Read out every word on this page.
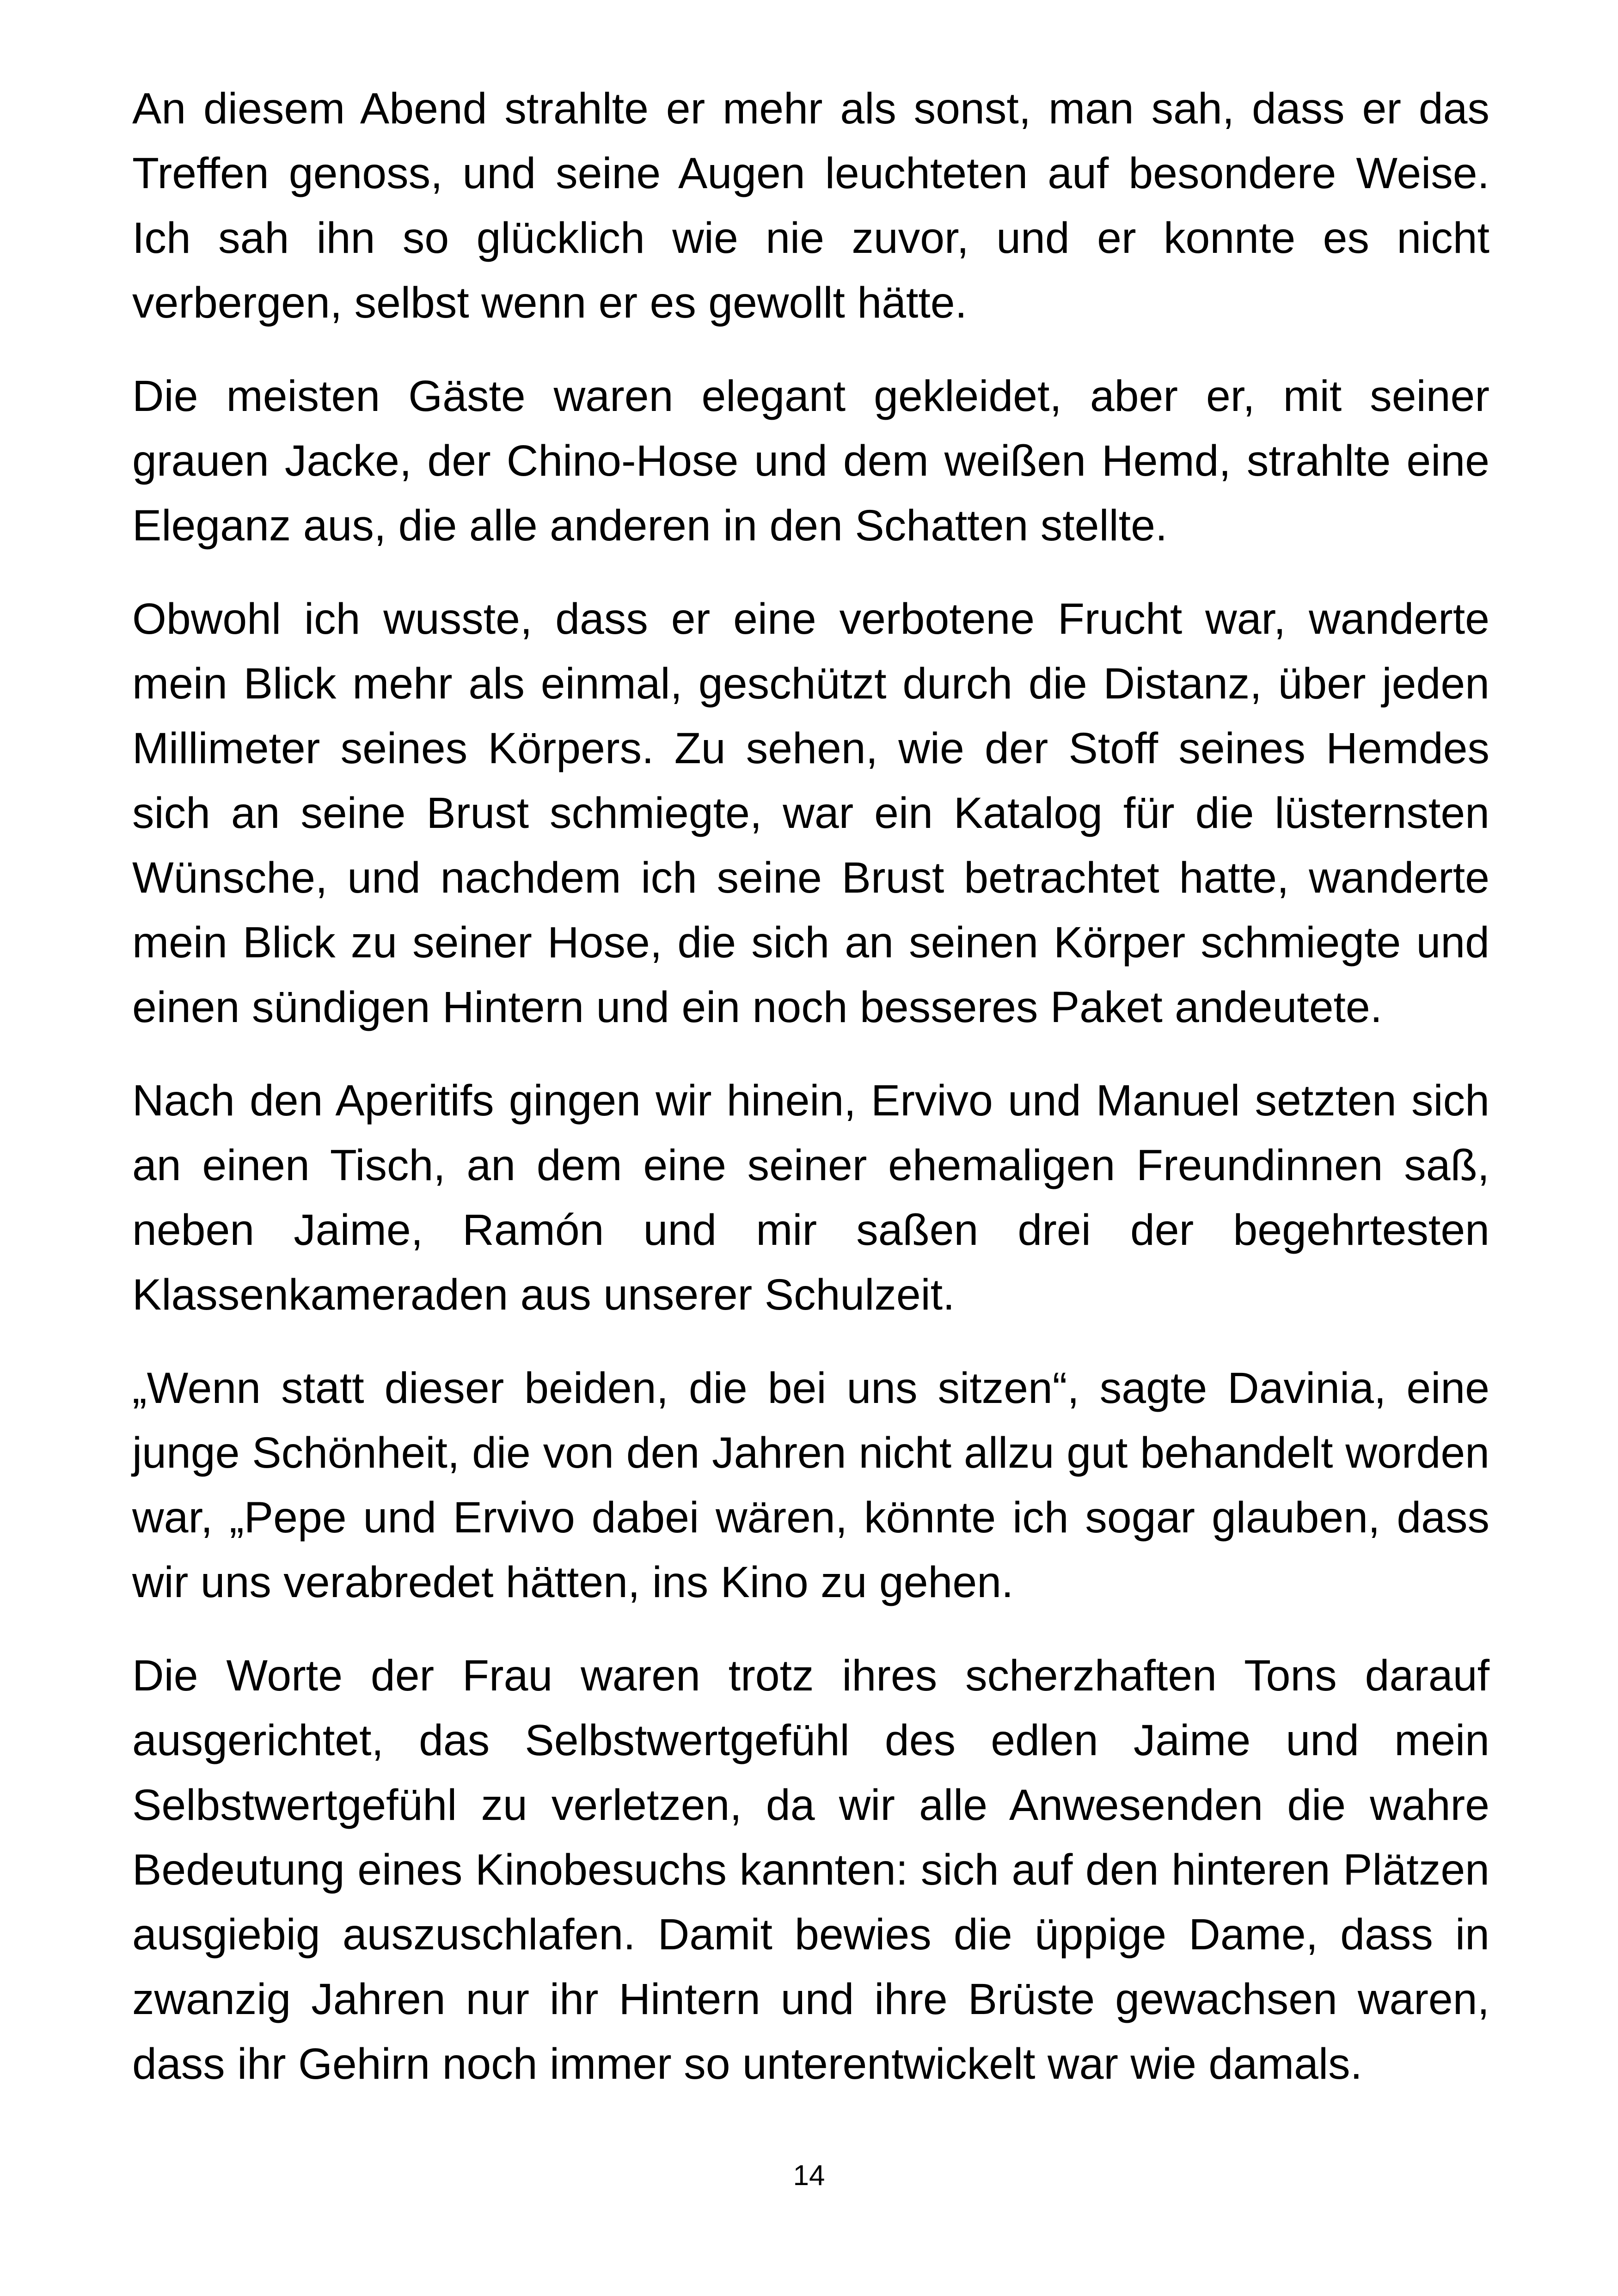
An diesem Abend strahlte er mehr als sonst, man sah, dass er das Treffen genoss, und seine Augen leuchteten auf besondere Weise. Ich sah ihn so glücklich wie nie zuvor, und er konnte es nicht verbergen, selbst wenn er es gewollt hätte.

Die meisten Gäste waren elegant gekleidet, aber er, mit seiner grauen Jacke, der Chino-Hose und dem weißen Hemd, strahlte eine Eleganz aus, die alle anderen in den Schatten stellte.

Obwohl ich wusste, dass er eine verbotene Frucht war, wanderte mein Blick mehr als einmal, geschützt durch die Distanz, über jeden Millimeter seines Körpers. Zu sehen, wie der Stoff seines Hemdes sich an seine Brust schmiegte, war ein Katalog für die lüsternsten Wünsche, und nachdem ich seine Brust betrachtet hatte, wanderte mein Blick zu seiner Hose, die sich an seinen Körper schmiegte und einen sündigen Hintern und ein noch besseres Paket andeutete.

Nach den Aperitifs gingen wir hinein, Ervivo und Manuel setzten sich an einen Tisch, an dem eine seiner ehemaligen Freundinnen saß, neben Jaime, Ramón und mir saßen drei der begehrtesten Klassenkameraden aus unserer Schulzeit.

„Wenn statt dieser beiden, die bei uns sitzen“, sagte Davinia, eine junge Schönheit, die von den Jahren nicht allzu gut behandelt worden war, „Pepe und Ervivo dabei wären, könnte ich sogar glauben, dass wir uns verabredet hätten, ins Kino zu gehen.

Die Worte der Frau waren trotz ihres scherzhaften Tons darauf ausgerichtet, das Selbstwertgefühl des edlen Jaime und mein Selbstwertgefühl zu verletzen, da wir alle Anwesenden die wahre Bedeutung eines Kinobesuchs kannten: sich auf den hinteren Plätzen ausgiebig auszuschlafen. Damit bewies die üppige Dame, dass in zwanzig Jahren nur ihr Hintern und ihre Brüste gewachsen waren, dass ihr Gehirn noch immer so unterentwickelt war wie damals.

14
